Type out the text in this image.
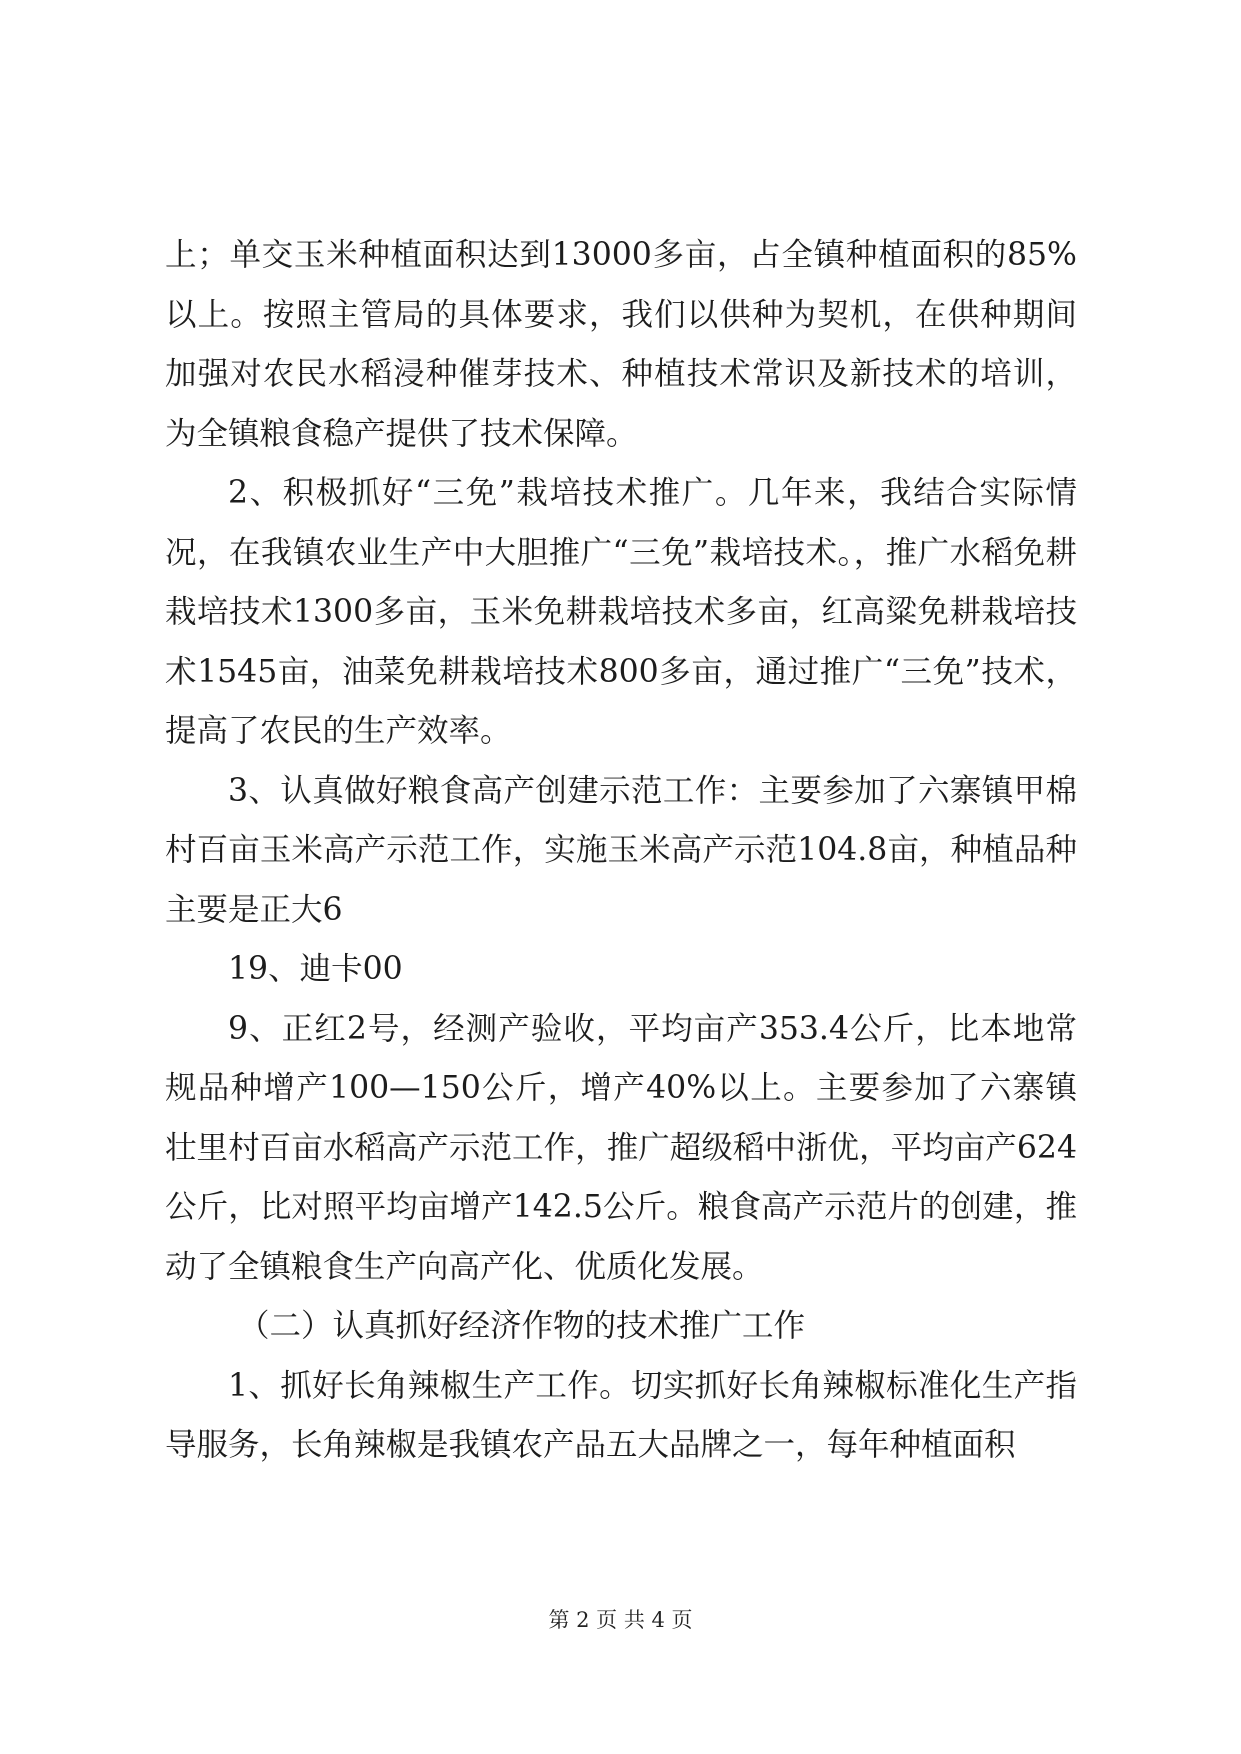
上；单交玉米种植面积达到13000多亩，占全镇种植面积的85%以上。按照主管局的具体要求，我们以供种为契机，在供种期间加强对农民水稻浸种催芽技术、种植技术常识及新技术的培训，为全镇粮食稳产提供了技术保障。

2、积极抓好“三免”栽培技术推广。几年来，我结合实际情况，在我镇农业生产中大胆推广“三免”栽培技术。，推广水稻免耕栽培技术1300多亩，玉米免耕栽培技术多亩，红高粱免耕栽培技术1545亩，油菜免耕栽培技术800多亩，通过推广“三免”技术，提高了农民的生产效率。

3、认真做好粮食高产创建示范工作：主要参加了六寨镇甲棉村百亩玉米高产示范工作，实施玉米高产示范104.8亩，种植品种主要是正大6

19、迪卡00

9、正红2号，经测产验收，平均亩产353.4公斤，比本地常规品种增产100—150公斤，增产40%以上。主要参加了六寨镇壮里村百亩水稻高产示范工作，推广超级稻中浙优，平均亩产624公斤，比对照平均亩增产142.5公斤。粮食高产示范片的创建，推动了全镇粮食生产向高产化、优质化发展。

（二）认真抓好经济作物的技术推广工作

1、抓好长角辣椒生产工作。切实抓好长角辣椒标准化生产指导服务，长角辣椒是我镇农产品五大品牌之一，每年种植面积

第 2 页 共 4 页
